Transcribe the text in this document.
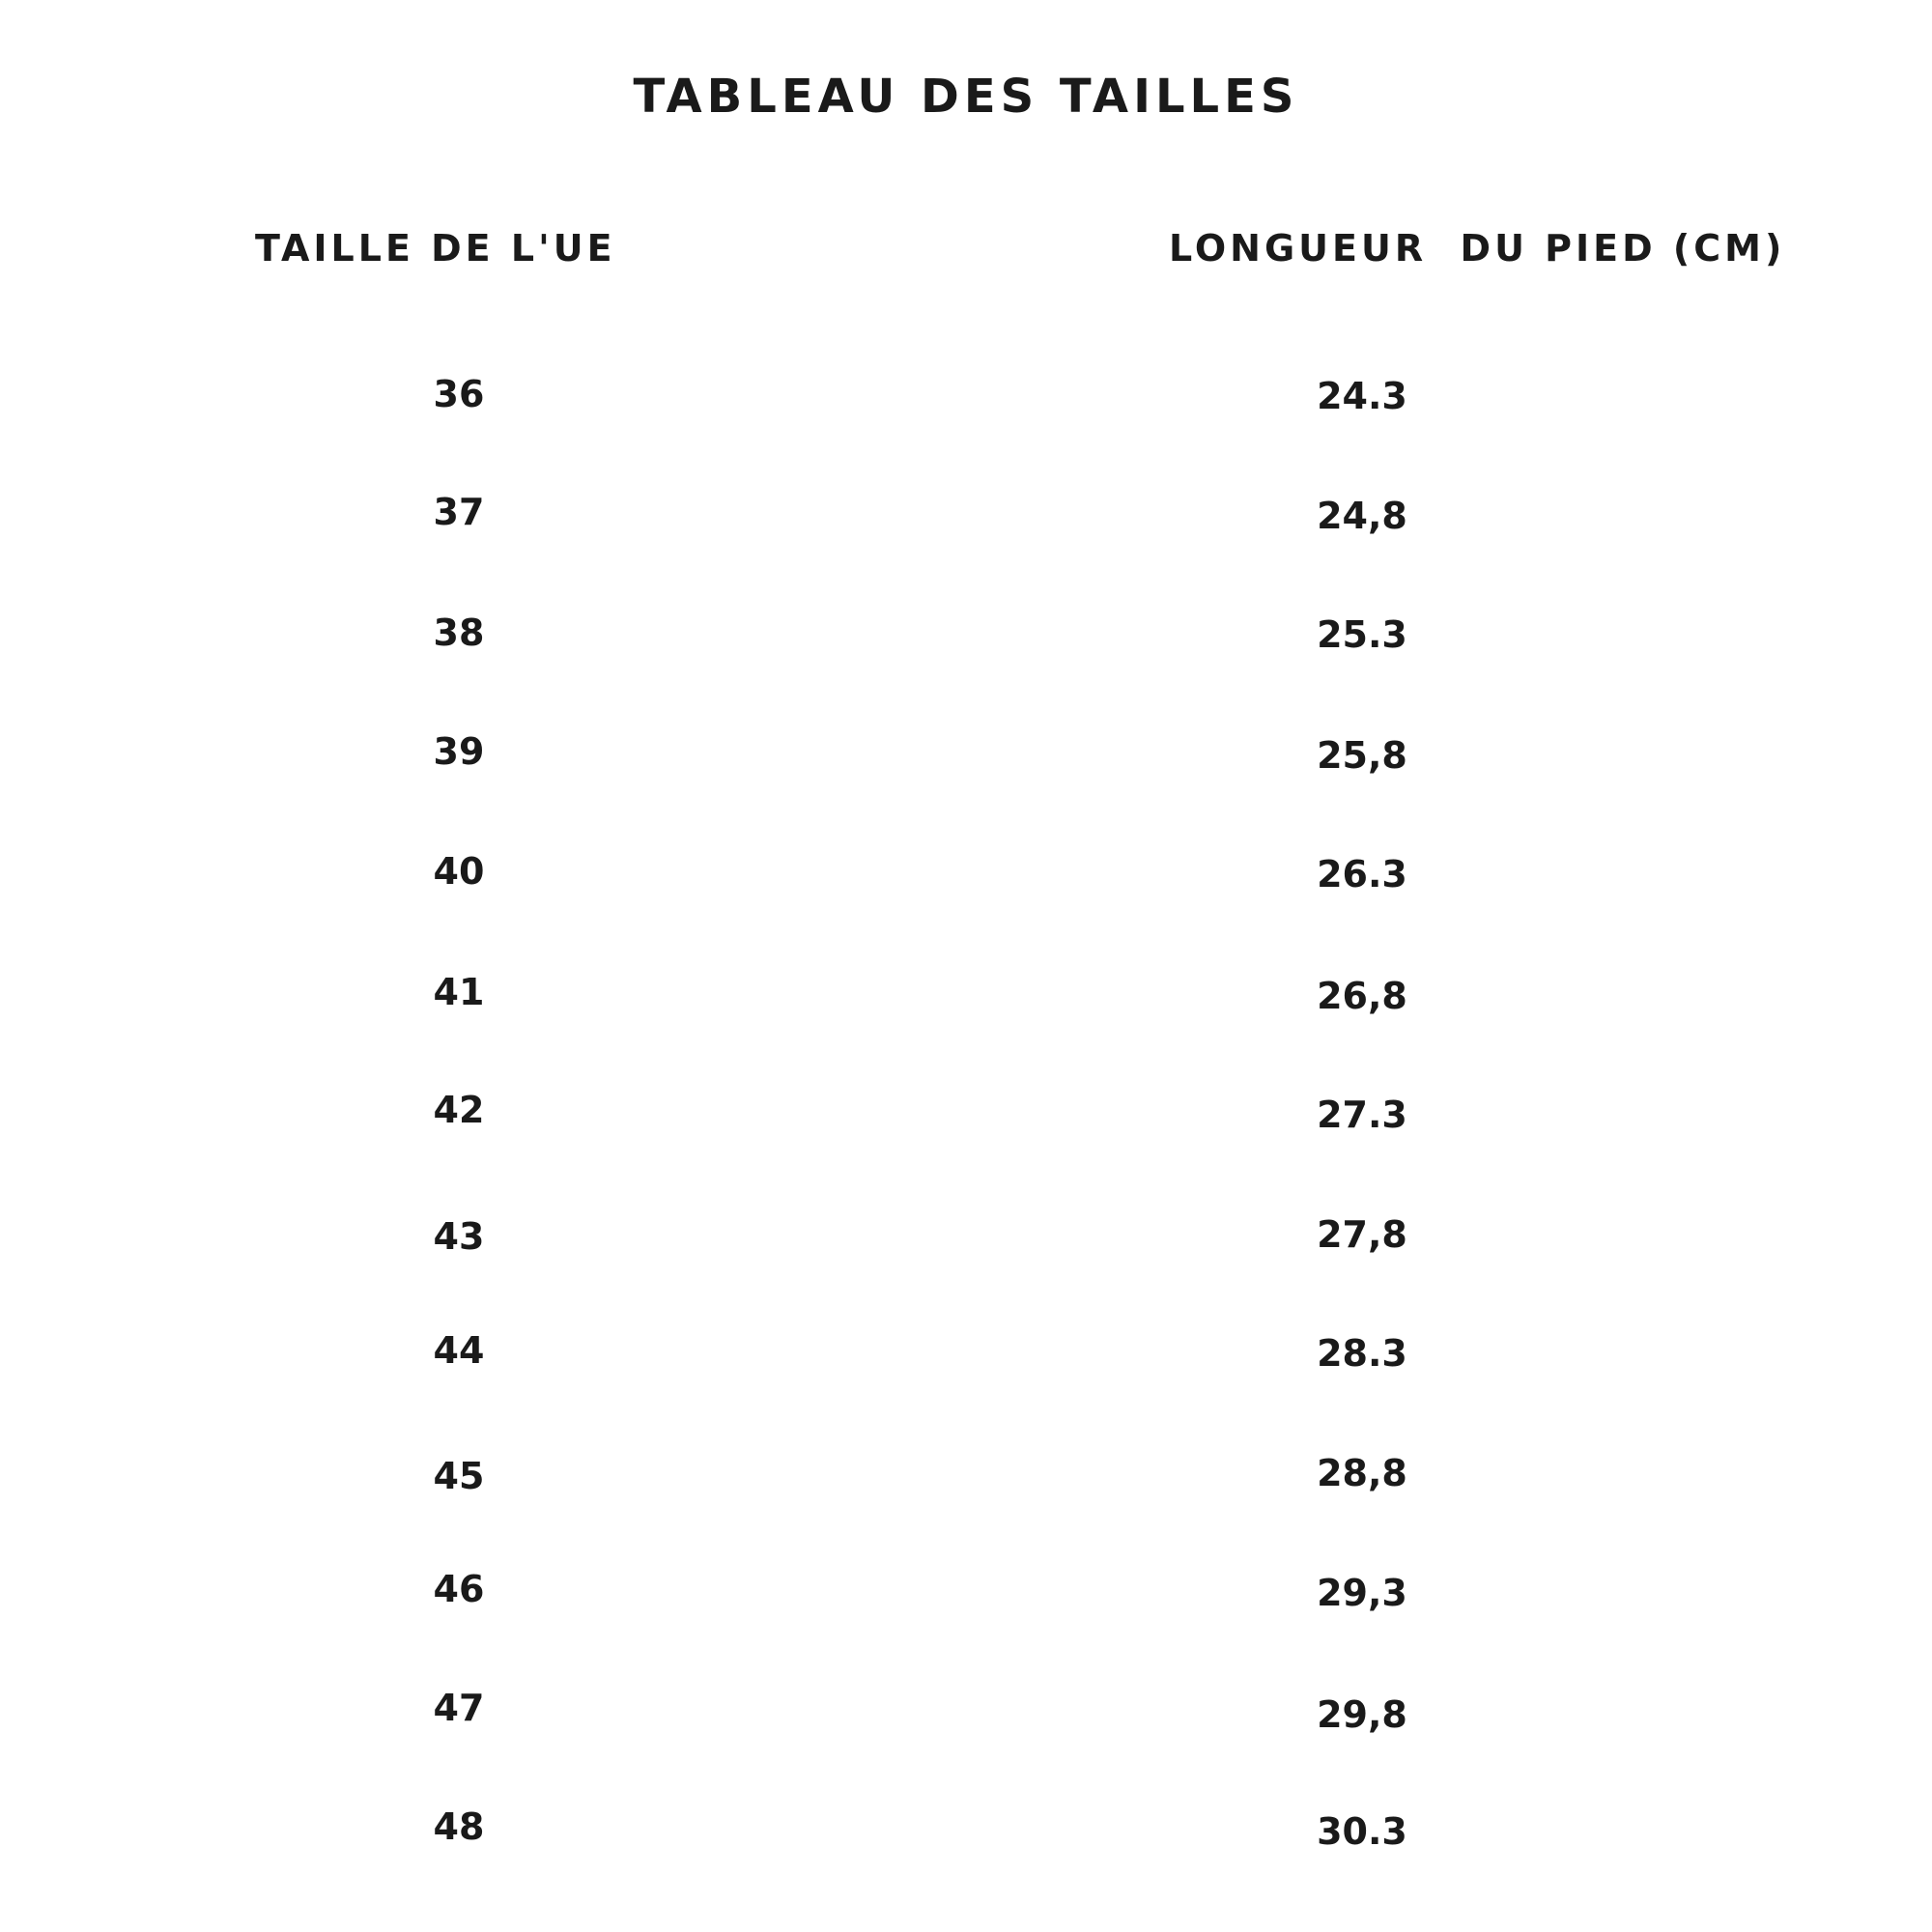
TABLEAU DES TAILLES
TAILLE DE L'UE	LONGUEUR  DU PIED (CM)
36	24.3
37	24,8
38	25.3
39	25,8
40	26.3
41	26,8
42	27.3
43	27,8
44	28.3
45	28,8
46	29,3
47	29,8
48	30.3
